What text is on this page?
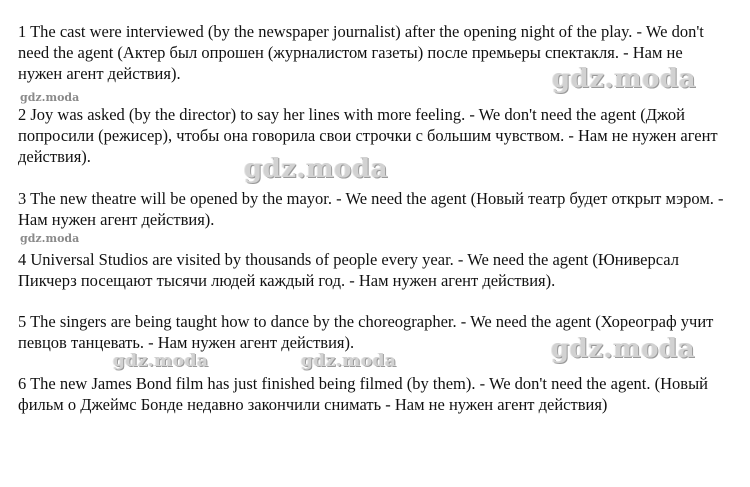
1 The cast were interviewed (by the newspaper journalist) after the opening night of the play. - We don't need the agent (Актер был опрошен (журналистом газеты) после премьеры спектакля. - Нам не нужен агент действия).
2 Joy was asked (by the director) to say her lines with more feeling. - We don't need the agent (Джой попросили (режисер), чтобы она говорила свои строчки с большим чувством. - Нам не нужен агент действия).
3 The new theatre will be opened by the mayor. - We need the agent (Новый театр будет открыт мэром. - Нам нужен агент действия).
4 Universal Studios are visited by thousands of people every year. - We need the agent (Юниверсал Пикчерз посещают тысячи людей каждый год. - Нам нужен агент действия).
5 The singers are being taught how to dance by the choreographer. - We need the agent (Хореограф учит певцов танцевать. - Нам нужен агент действия).
6 The new James Bond film has just finished being filmed (by them). - We don't need the agent. (Новый фильм о Джеймс Бонде недавно закончили снимать - Нам не нужен агент действия)
gdz.moda
gdz.moda
gdz.moda
gdz.moda
gdz.moda
gdz.moda	gdz.moda
